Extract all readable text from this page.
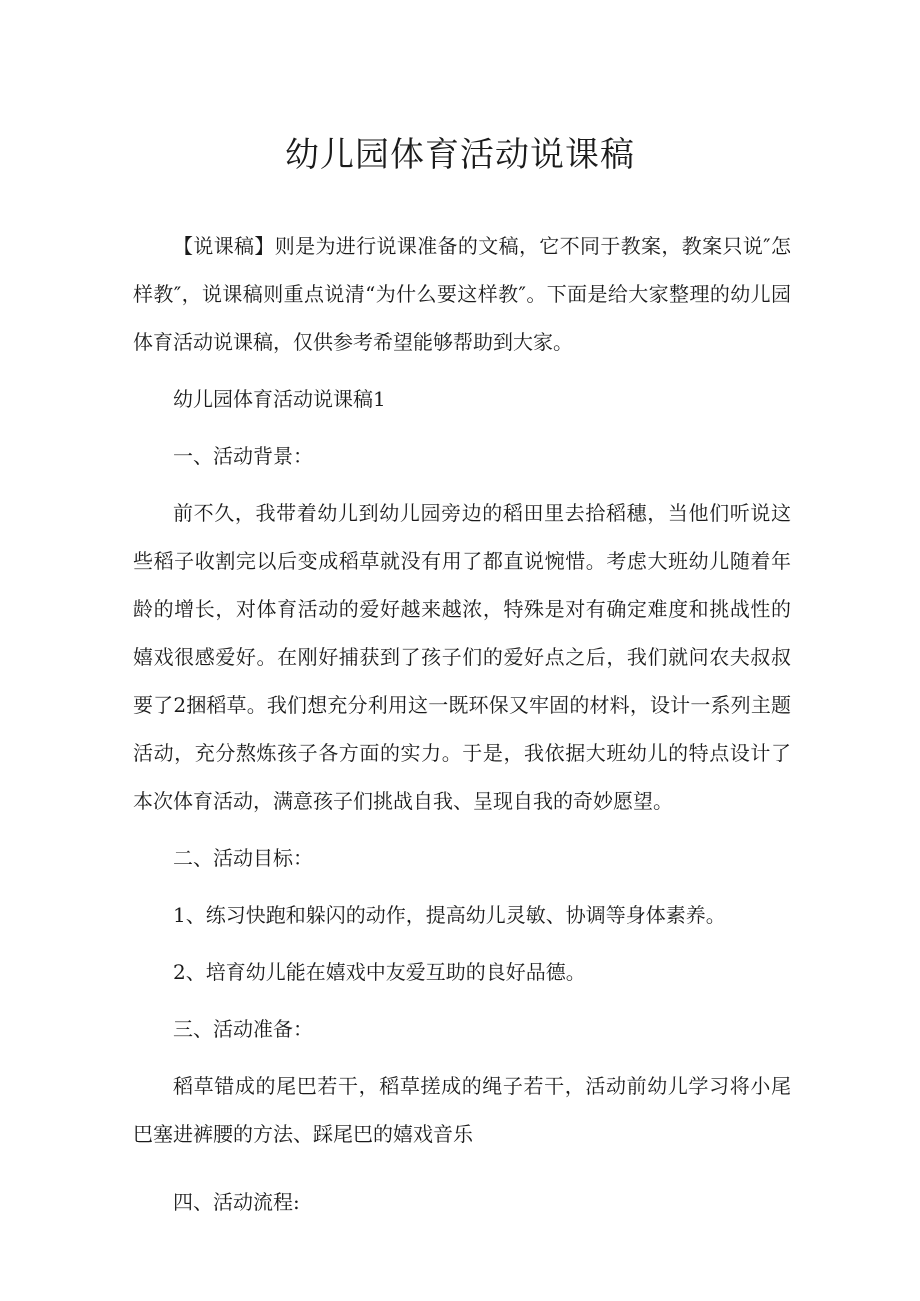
幼儿园体育活动说课稿

【说课稿】则是为进行说课准备的文稿，它不同于教案，教案只说″怎样教″，说课稿则重点说清“为什么要这样教″。下面是给大家整理的幼儿园体育活动说课稿，仅供参考希望能够帮助到大家。

幼儿园体育活动说课稿1

一、活动背景：

前不久，我带着幼儿到幼儿园旁边的稻田里去拾稻穗，当他们听说这些稻子收割完以后变成稻草就没有用了都直说惋惜。考虑大班幼儿随着年龄的增长，对体育活动的爱好越来越浓，特殊是对有确定难度和挑战性的嬉戏很感爱好。在刚好捕获到了孩子们的爱好点之后，我们就问农夫叔叔要了2捆稻草。我们想充分利用这一既环保又牢固的材料，设计一系列主题活动，充分熬炼孩子各方面的实力。于是，我依据大班幼儿的特点设计了本次体育活动，满意孩子们挑战自我、呈现自我的奇妙愿望。

二、活动目标：

1、练习快跑和躲闪的动作，提高幼儿灵敏、协调等身体素养。

2、培育幼儿能在嬉戏中友爱互助的良好品德。

三、活动准备：

稻草错成的尾巴若干，稻草搓成的绳子若干，活动前幼儿学习将小尾巴塞进裤腰的方法、踩尾巴的嬉戏音乐

四、活动流程:
